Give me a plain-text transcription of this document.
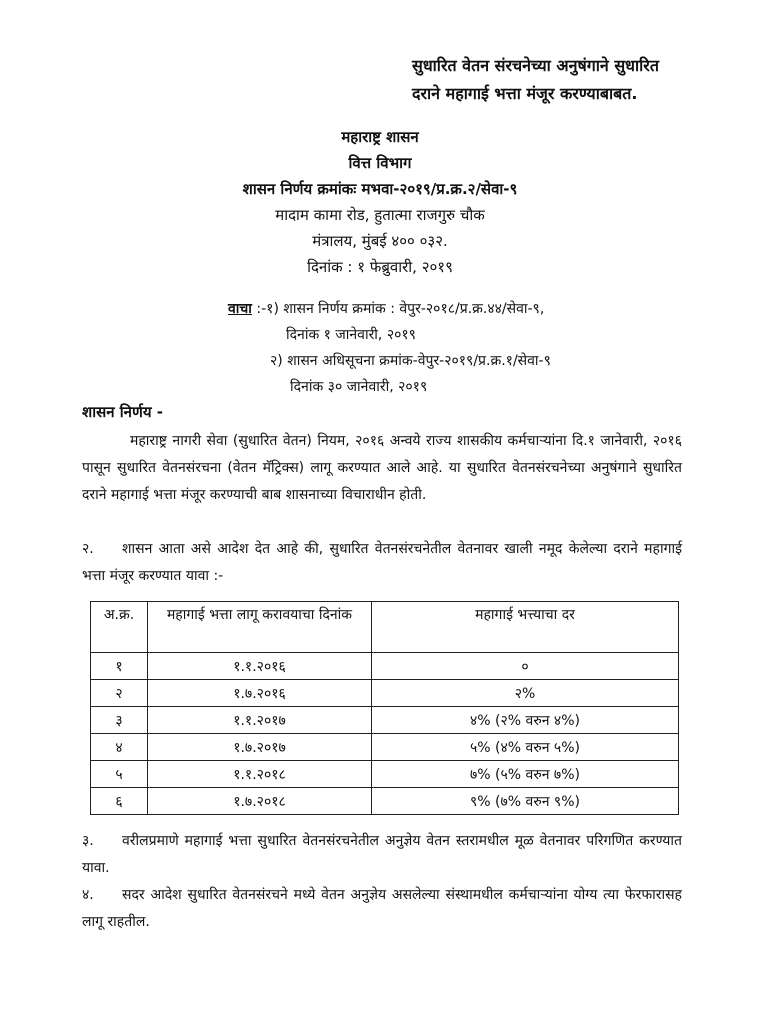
सुधारित वेतन संरचनेच्या अनुषंगाने सुधारित
दराने महागाई भत्ता मंजूर करण्याबाबत.
महाराष्ट्र शासन
वित्त विभाग
शासन निर्णय क्रमांकः मभवा-२०१९/प्र.क्र.२/सेवा-९
मादाम कामा रोड, हुतात्मा राजगुरु चौक
मंत्रालय, मुंबई ४०० ०३२.
दिनांक : १ फेब्रुवारी, २०१९
वाचा :-१) शासन निर्णय क्रमांक : वेपुर-२०१८/प्र.क्र.४४/सेवा-९,
दिनांक १ जानेवारी, २०१९
२) शासन अधिसूचना क्रमांक-वेपुर-२०१९/प्र.क्र.१/सेवा-९
दिनांक ३० जानेवारी, २०१९
शासन निर्णय -
महाराष्ट्र नागरी सेवा (सुधारित वेतन) नियम, २०१६ अन्वये राज्य शासकीय कर्मचाऱ्यांना दि.१ जानेवारी, २०१६ पासून सुधारित वेतनसंरचना (वेतन मॅट्रिक्स) लागू करण्यात आले आहे. या सुधारित वेतनसंरचनेच्या अनुषंगाने सुधारित दराने महागाई भत्ता मंजूर करण्याची बाब शासनाच्या विचाराधीन होती.
२. शासन आता असे आदेश देत आहे की, सुधारित वेतनसंरचनेतील वेतनावर खाली नमूद केलेल्या दराने महागाई भत्ता मंजूर करण्यात यावा :-
अ.क्र.	महागाई भत्ता लागू करावयाचा दिनांक	महागाई भत्त्याचा दर
१	१.१.२०१६	०
२	१.७.२०१६	२%
३	१.१.२०१७	४% (२% वरुन ४%)
४	१.७.२०१७	५% (४% वरुन ५%)
५	१.१.२०१८	७% (५% वरुन ७%)
६	१.७.२०१८	९% (७% वरुन ९%)
३. वरीलप्रमाणे महागाई भत्ता सुधारित वेतनसंरचनेतील अनुज्ञेय वेतन स्तरामधील मूळ वेतनावर परिगणित करण्यात यावा.
४. सदर आदेश सुधारित वेतनसंरचने मध्ये वेतन अनुज्ञेय असलेल्या संस्थामधील कर्मचाऱ्यांना योग्य त्या फेरफारासह लागू राहतील.
